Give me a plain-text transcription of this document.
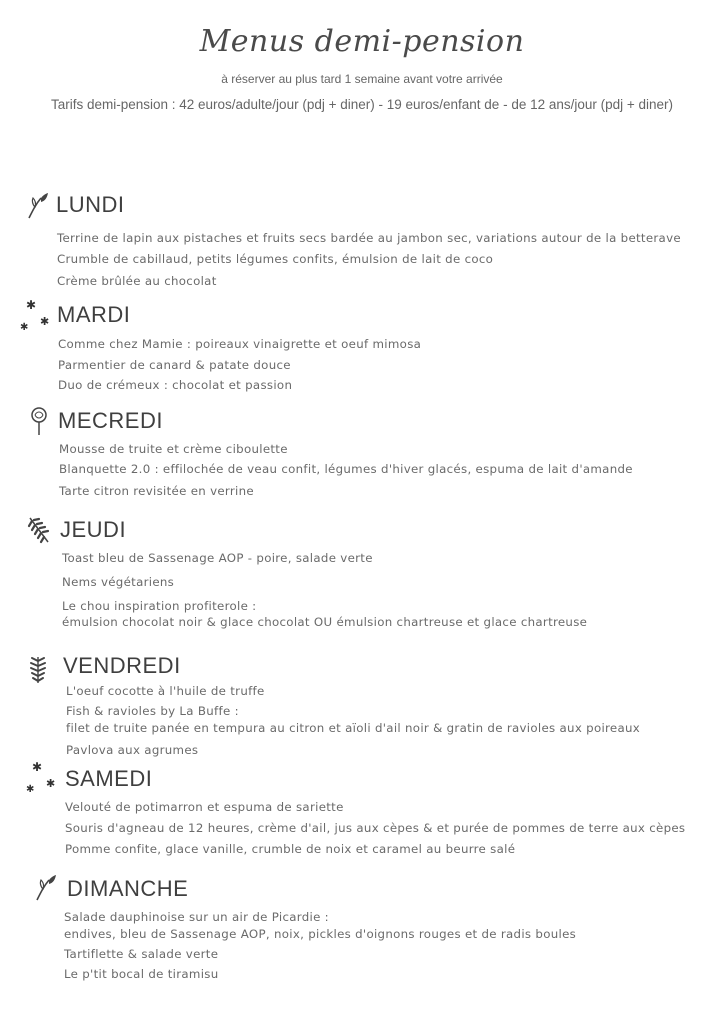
Menus demi-pension
à réserver au plus tard 1 semaine avant votre arrivée
Tarifs demi-pension : 42 euros/adulte/jour (pdj + diner) - 19 euros/enfant de - de 12 ans/jour (pdj + diner)
LUNDI
Terrine de lapin aux pistaches et fruits secs bardée au jambon sec, variations autour de la betterave
Crumble de cabillaud, petits légumes confits, émulsion de lait de coco
Crème brûlée au chocolat
✱
✱ ✱ MARDI
Comme chez Mamie : poireaux vinaigrette et oeuf mimosa
Parmentier de canard & patate douce
Duo de crémeux : chocolat et passion
MECREDI
Mousse de truite et crème ciboulette
Blanquette 2.0 : effilochée de veau confit, légumes d'hiver glacés, espuma de lait d'amande
Tarte citron revisitée en verrine
JEUDI
Toast bleu de Sassenage AOP - poire, salade verte
Nems végétariens
Le chou inspiration profiterole :
émulsion chocolat noir & glace chocolat OU émulsion chartreuse et glace chartreuse
VENDREDI
L'oeuf cocotte à l'huile de truffe
Fish & ravioles by La Buffe :
filet de truite panée en tempura au citron et aïoli d'ail noir & gratin de ravioles aux poireaux
Pavlova aux agrumes
✱
✱ ✱ SAMEDI
Velouté de potimarron et espuma de sariette
Souris d'agneau de 12 heures, crème d'ail, jus aux cèpes & et purée de pommes de terre aux cèpes
Pomme confite, glace vanille, crumble de noix et caramel au beurre salé
DIMANCHE
Salade dauphinoise sur un air de Picardie :
endives, bleu de Sassenage AOP, noix, pickles d'oignons rouges et de radis boules
Tartiflette & salade verte
Le p'tit bocal de tiramisu
